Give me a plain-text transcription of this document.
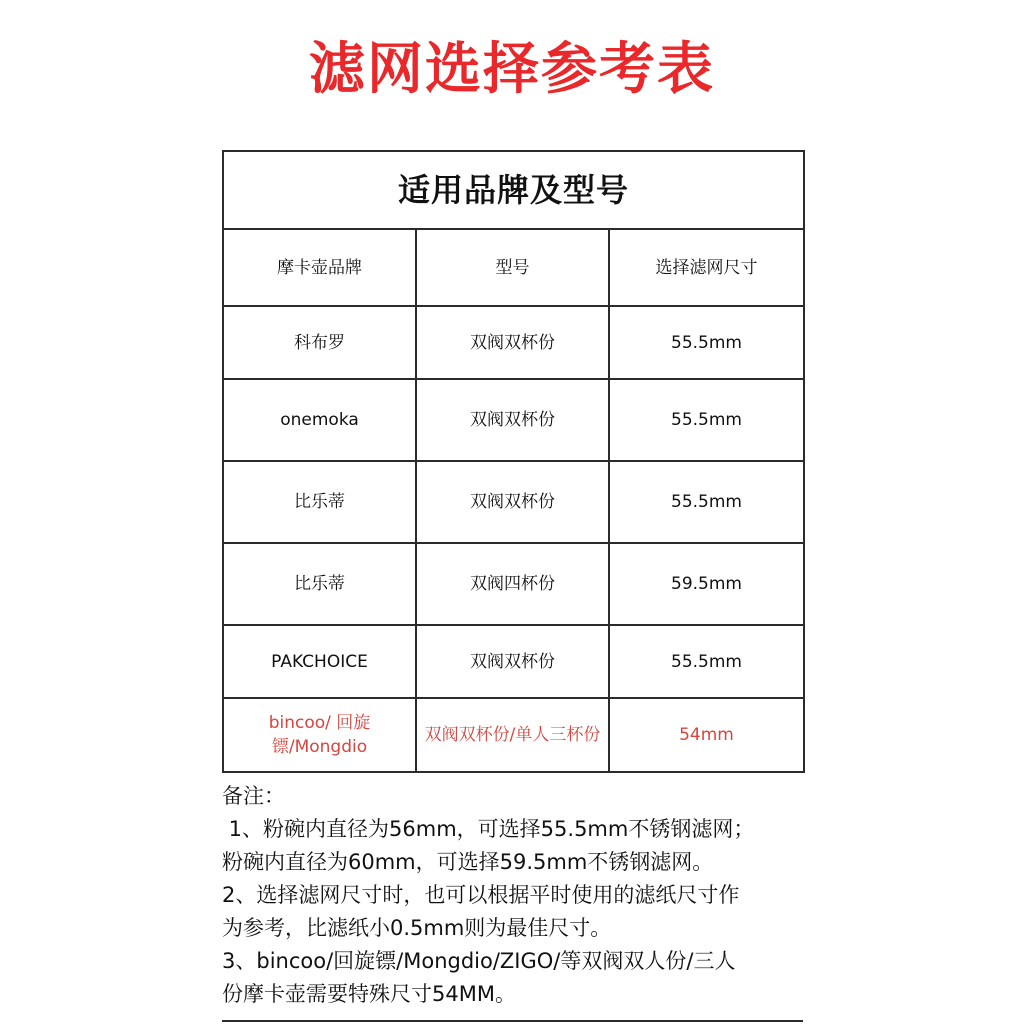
滤网选择参考表
适用品牌及型号		
摩卡壶品牌	型号	选择滤网尺寸
科布罗	双阀双杯份	55.5mm
onemoka	双阀双杯份	55.5mm
比乐蒂	双阀双杯份	55.5mm
比乐蒂	双阀四杯份	59.5mm
PAKCHOICE	双阀双杯份	55.5mm
bincoo/ 回旋镖/Mongdio	双阀双杯份/单人三杯份	54mm

备注：

1、粉碗内直径为56mm，可选择55.5mm不锈钢滤网；

粉碗内直径为60mm，可选择59.5mm不锈钢滤网。

2、选择滤网尺寸时，也可以根据平时使用的滤纸尺寸作

为参考，比滤纸小0.5mm则为最佳尺寸。

3、bincoo/回旋镖/Mongdio/ZIGO/等双阀双人份/三人

份摩卡壶需要特殊尺寸54MM。
